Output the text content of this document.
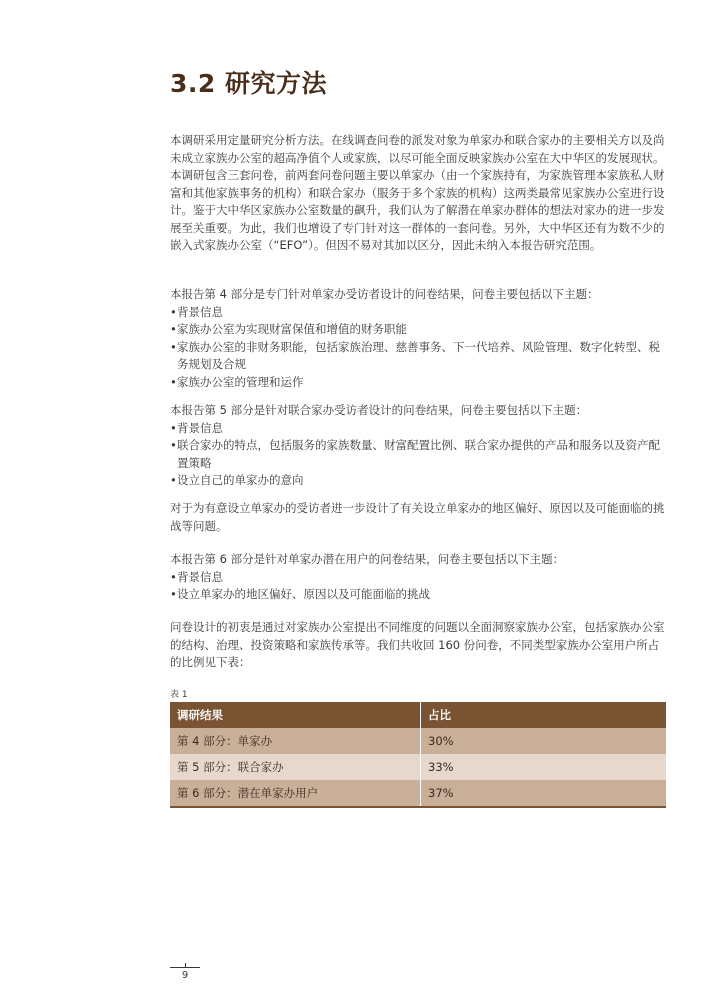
3.2 研究方法

本调研采用定量研究分析方法。在线调查问卷的派发对象为单家办和联合家办的主要相关方以及尚未成立家族办公室的超高净值个人或家族，以尽可能全面反映家族办公室在大中华区的发展现状。本调研包含三套问卷，前两套问卷问题主要以单家办（由一个家族持有，为家族管理本家族私人财富和其他家族事务的机构）和联合家办（服务于多个家族的机构）这两类最常见家族办公室进行设计。鉴于大中华区家族办公室数量的飙升，我们认为了解潜在单家办群体的想法对家办的进一步发展至关重要。为此，我们也增设了专门针对这一群体的一套问卷。另外，大中华区还有为数不少的嵌入式家族办公室（“EFO”）。但因不易对其加以区分，因此未纳入本报告研究范围。

本报告第 4 部分是专门针对单家办受访者设计的问卷结果，问卷主要包括以下主题：

• 背景信息
• 家族办公室为实现财富保值和增值的财务职能
• 家族办公室的非财务职能，包括家族治理、慈善事务、下一代培养、风险管理、数字化转型、税务规划及合规
• 家族办公室的管理和运作

本报告第 5 部分是针对联合家办受访者设计的问卷结果，问卷主要包括以下主题：

• 背景信息
• 联合家办的特点，包括服务的家族数量、财富配置比例、联合家办提供的产品和服务以及资产配置策略
• 设立自己的单家办的意向

对于为有意设立单家办的受访者进一步设计了有关设立单家办的地区偏好、原因以及可能面临的挑战等问题。

本报告第 6 部分是针对单家办潜在用户的问卷结果，问卷主要包括以下主题：

• 背景信息
• 设立单家办的地区偏好、原因以及可能面临的挑战

问卷设计的初衷是通过对家族办公室提出不同维度的问题以全面洞察家族办公室，包括家族办公室的结构、治理、投资策略和家族传承等。我们共收回 160 份问卷，不同类型家族办公室用户所占的比例见下表：

表 1
调研结果	占比
第 4 部分：单家办	30%
第 5 部分：联合家办	33%
第 6 部分：潜在单家办用户	37%
9
